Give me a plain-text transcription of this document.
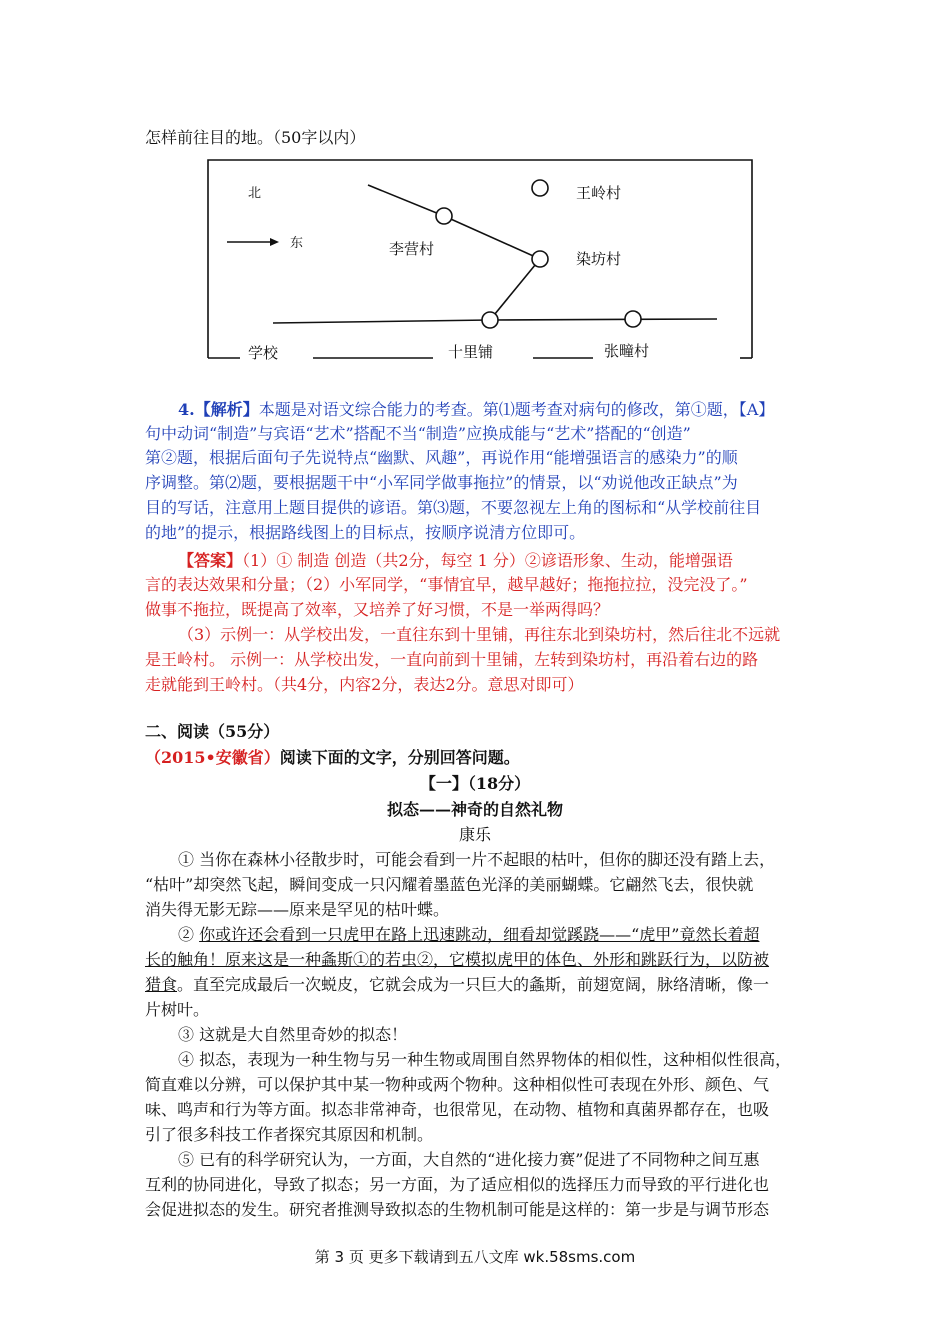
怎样前往目的地。（50字以内）
北
东
王岭村
李营村
染坊村
十里铺	张疃村
学校
4.【解析】本题是对语文综合能力的考查。第⑴题考查对病句的修改，第①题，【A】
句中动词“制造”与宾语“艺术”搭配不当“制造”应换成能与“艺术”搭配的“创造”
第②题，根据后面句子先说特点“幽默、风趣”，再说作用“能增强语言的感染力”的顺
序调整。第⑵题，要根据题干中“小军同学做事拖拉”的情景，以“劝说他改正缺点”为
目的写话，注意用上题目提供的谚语。第⑶题，不要忽视左上角的图标和“从学校前往目
的地”的提示，根据路线图上的目标点，按顺序说清方位即可。
【答案】（1）① 制造 创造（共2分，每空 1 分）②谚语形象、生动，能增强语
言的表达效果和分量；（2）小军同学，“事情宜早，越早越好；拖拖拉拉，没完没了。”
做事不拖拉，既提高了效率，又培养了好习惯，不是一举两得吗？
（3）示例一：从学校出发，一直往东到十里铺，再往东北到染坊村，然后往北不远就
是王岭村。 示例一：从学校出发，一直向前到十里铺，左转到染坊村，再沿着右边的路
走就能到王岭村。（共4分，内容2分，表达2分。意思对即可）
二、阅读（55分）
（2015•安徽省）阅读下面的文字，分别回答问题。
【一】（18分）
拟态——神奇的自然礼物
康乐
① 当你在森林小径散步时，可能会看到一片不起眼的枯叶，但你的脚还没有踏上去，
“枯叶”却突然飞起，瞬间变成一只闪耀着墨蓝色光泽的美丽蝴蝶。它翩然飞去，很快就
消失得无影无踪——原来是罕见的枯叶蝶。
② 你或许还会看到一只虎甲在路上迅速跳动，细看却觉蹊跷——“虎甲”竟然长着超
长的触角！原来这是一种螽斯①的若虫②，它模拟虎甲的体色、外形和跳跃行为，以防被
猎食。直至完成最后一次蜕皮，它就会成为一只巨大的螽斯，前翅宽阔，脉络清晰，像一
片树叶。
③ 这就是大自然里奇妙的拟态！
④ 拟态，表现为一种生物与另一种生物或周围自然界物体的相似性，这种相似性很高，
简直难以分辨，可以保护其中某一物种或两个物种。这种相似性可表现在外形、颜色、气
味、鸣声和行为等方面。拟态非常神奇，也很常见，在动物、植物和真菌界都存在，也吸
引了很多科技工作者探究其原因和机制。
⑤ 已有的科学研究认为，一方面，大自然的“进化接力赛”促进了不同物种之间互惠
互利的协同进化，导致了拟态；另一方面，为了适应相似的选择压力而导致的平行进化也
会促进拟态的发生。研究者推测导致拟态的生物机制可能是这样的：第一步是与调节形态
第 3 页 更多下载请到五八文库 wk.58sms.com
